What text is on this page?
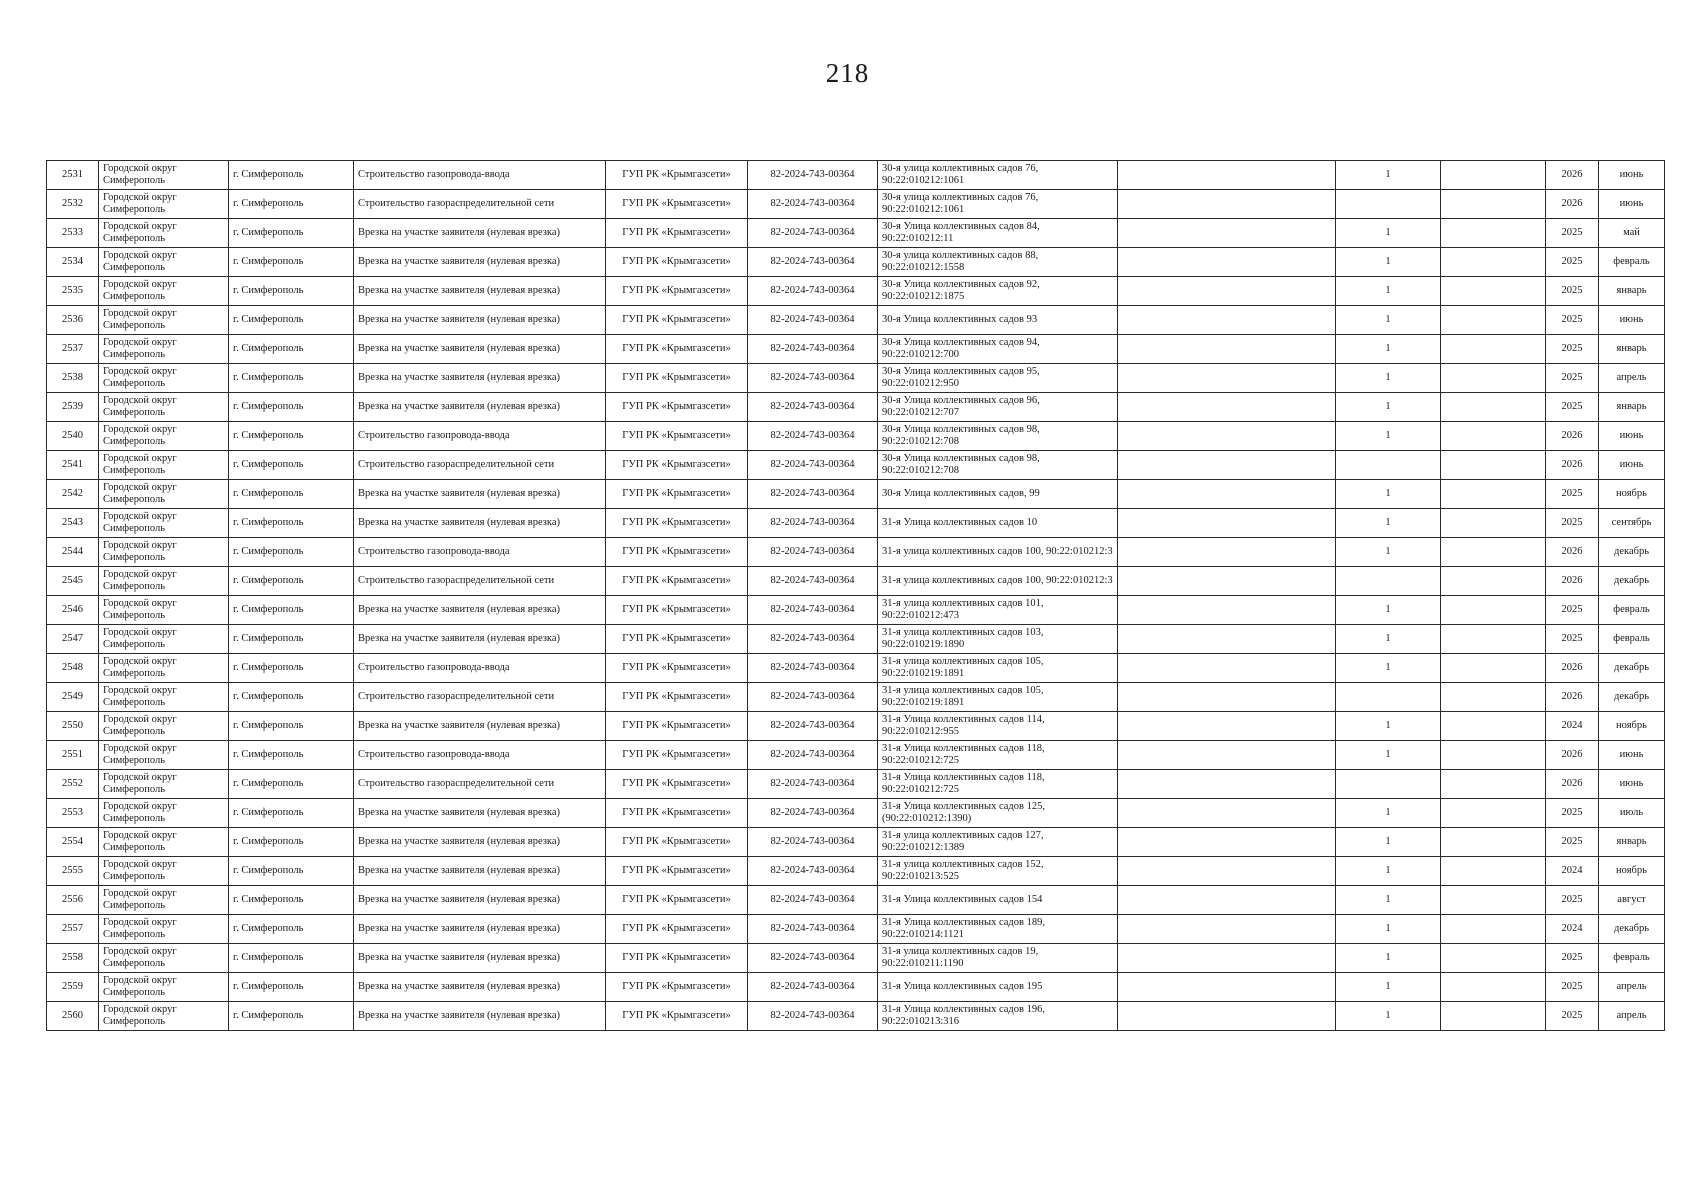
218
2531	Городской округ Симферополь	г. Симферополь	Строительство газопровода-ввода	ГУП РК «Крымгазсети»	82-2024-743-00364	30-я улица коллективных садов 76, 90:22:010212:1061		1		2026	июнь
2532	Городской округ Симферополь	г. Симферополь	Строительство газораспределительной сети	ГУП РК «Крымгазсети»	82-2024-743-00364	30-я улица коллективных садов 76, 90:22:010212:1061				2026	июнь
2533	Городской округ Симферополь	г. Симферополь	Врезка на участке заявителя (нулевая врезка)	ГУП РК «Крымгазсети»	82-2024-743-00364	30-я Улица коллективных садов 84, 90:22:010212:11		1		2025	май
2534	Городской округ Симферополь	г. Симферополь	Врезка на участке заявителя (нулевая врезка)	ГУП РК «Крымгазсети»	82-2024-743-00364	30-я улица коллективных садов 88, 90:22:010212:1558		1		2025	февраль
2535	Городской округ Симферополь	г. Симферополь	Врезка на участке заявителя (нулевая врезка)	ГУП РК «Крымгазсети»	82-2024-743-00364	30-я Улица коллективных садов 92, 90:22:010212:1875		1		2025	январь
2536	Городской округ Симферополь	г. Симферополь	Врезка на участке заявителя (нулевая врезка)	ГУП РК «Крымгазсети»	82-2024-743-00364	30-я Улица коллективных садов 93		1		2025	июнь
2537	Городской округ Симферополь	г. Симферополь	Врезка на участке заявителя (нулевая врезка)	ГУП РК «Крымгазсети»	82-2024-743-00364	30-я Улица коллективных садов 94, 90:22:010212:700		1		2025	январь
2538	Городской округ Симферополь	г. Симферополь	Врезка на участке заявителя (нулевая врезка)	ГУП РК «Крымгазсети»	82-2024-743-00364	30-я Улица коллективных садов 95, 90:22:010212:950		1		2025	апрель
2539	Городской округ Симферополь	г. Симферополь	Врезка на участке заявителя (нулевая врезка)	ГУП РК «Крымгазсети»	82-2024-743-00364	30-я Улица коллективных садов 96, 90:22:010212:707		1		2025	январь
2540	Городской округ Симферополь	г. Симферополь	Строительство газопровода-ввода	ГУП РК «Крымгазсети»	82-2024-743-00364	30-я Улица коллективных садов 98, 90:22:010212:708		1		2026	июнь
2541	Городской округ Симферополь	г. Симферополь	Строительство газораспределительной сети	ГУП РК «Крымгазсети»	82-2024-743-00364	30-я Улица коллективных садов 98, 90:22:010212:708				2026	июнь
2542	Городской округ Симферополь	г. Симферополь	Врезка на участке заявителя (нулевая врезка)	ГУП РК «Крымгазсети»	82-2024-743-00364	30-я Улица коллективных садов, 99		1		2025	ноябрь
2543	Городской округ Симферополь	г. Симферополь	Врезка на участке заявителя (нулевая врезка)	ГУП РК «Крымгазсети»	82-2024-743-00364	31-я Улица коллективных садов 10		1		2025	сентябрь
2544	Городской округ Симферополь	г. Симферополь	Строительство газопровода-ввода	ГУП РК «Крымгазсети»	82-2024-743-00364	31-я улица коллективных садов 100, 90:22:010212:3		1		2026	декабрь
2545	Городской округ Симферополь	г. Симферополь	Строительство газораспределительной сети	ГУП РК «Крымгазсети»	82-2024-743-00364	31-я улица коллективных садов 100, 90:22:010212:3				2026	декабрь
2546	Городской округ Симферополь	г. Симферополь	Врезка на участке заявителя (нулевая врезка)	ГУП РК «Крымгазсети»	82-2024-743-00364	31-я улица коллективных садов 101, 90:22:010212:473		1		2025	февраль
2547	Городской округ Симферополь	г. Симферополь	Врезка на участке заявителя (нулевая врезка)	ГУП РК «Крымгазсети»	82-2024-743-00364	31-я улица коллективных садов 103, 90:22:010219:1890		1		2025	февраль
2548	Городской округ Симферополь	г. Симферополь	Строительство газопровода-ввода	ГУП РК «Крымгазсети»	82-2024-743-00364	31-я улица коллективных садов 105, 90:22:010219:1891		1		2026	декабрь
2549	Городской округ Симферополь	г. Симферополь	Строительство газораспределительной сети	ГУП РК «Крымгазсети»	82-2024-743-00364	31-я улица коллективных садов 105, 90:22:010219:1891				2026	декабрь
2550	Городской округ Симферополь	г. Симферополь	Врезка на участке заявителя (нулевая врезка)	ГУП РК «Крымгазсети»	82-2024-743-00364	31-я Улица коллективных садов 114, 90:22:010212:955		1		2024	ноябрь
2551	Городской округ Симферополь	г. Симферополь	Строительство газопровода-ввода	ГУП РК «Крымгазсети»	82-2024-743-00364	31-я Улица коллективных садов 118, 90:22:010212:725		1		2026	июнь
2552	Городской округ Симферополь	г. Симферополь	Строительство газораспределительной сети	ГУП РК «Крымгазсети»	82-2024-743-00364	31-я Улица коллективных садов 118, 90:22:010212:725				2026	июнь
2553	Городской округ Симферополь	г. Симферополь	Врезка на участке заявителя (нулевая врезка)	ГУП РК «Крымгазсети»	82-2024-743-00364	31-я Улица коллективных садов 125, (90:22:010212:1390)		1		2025	июль
2554	Городской округ Симферополь	г. Симферополь	Врезка на участке заявителя (нулевая врезка)	ГУП РК «Крымгазсети»	82-2024-743-00364	31-я улица коллективных садов 127, 90:22:010212:1389		1		2025	январь
2555	Городской округ Симферополь	г. Симферополь	Врезка на участке заявителя (нулевая врезка)	ГУП РК «Крымгазсети»	82-2024-743-00364	31-я улица коллективных садов 152, 90:22:010213:525		1		2024	ноябрь
2556	Городской округ Симферополь	г. Симферополь	Врезка на участке заявителя (нулевая врезка)	ГУП РК «Крымгазсети»	82-2024-743-00364	31-я Улица коллективных садов 154		1		2025	август
2557	Городской округ Симферополь	г. Симферополь	Врезка на участке заявителя (нулевая врезка)	ГУП РК «Крымгазсети»	82-2024-743-00364	31-я Улица коллективных садов 189, 90:22:010214:1121		1		2024	декабрь
2558	Городской округ Симферополь	г. Симферополь	Врезка на участке заявителя (нулевая врезка)	ГУП РК «Крымгазсети»	82-2024-743-00364	31-я улица коллективных садов 19, 90:22:010211:1190		1		2025	февраль
2559	Городской округ Симферополь	г. Симферополь	Врезка на участке заявителя (нулевая врезка)	ГУП РК «Крымгазсети»	82-2024-743-00364	31-я Улица коллективных садов 195		1		2025	апрель
2560	Городской округ Симферополь	г. Симферополь	Врезка на участке заявителя (нулевая врезка)	ГУП РК «Крымгазсети»	82-2024-743-00364	31-я Улица коллективных садов 196, 90:22:010213:316		1		2025	апрель
